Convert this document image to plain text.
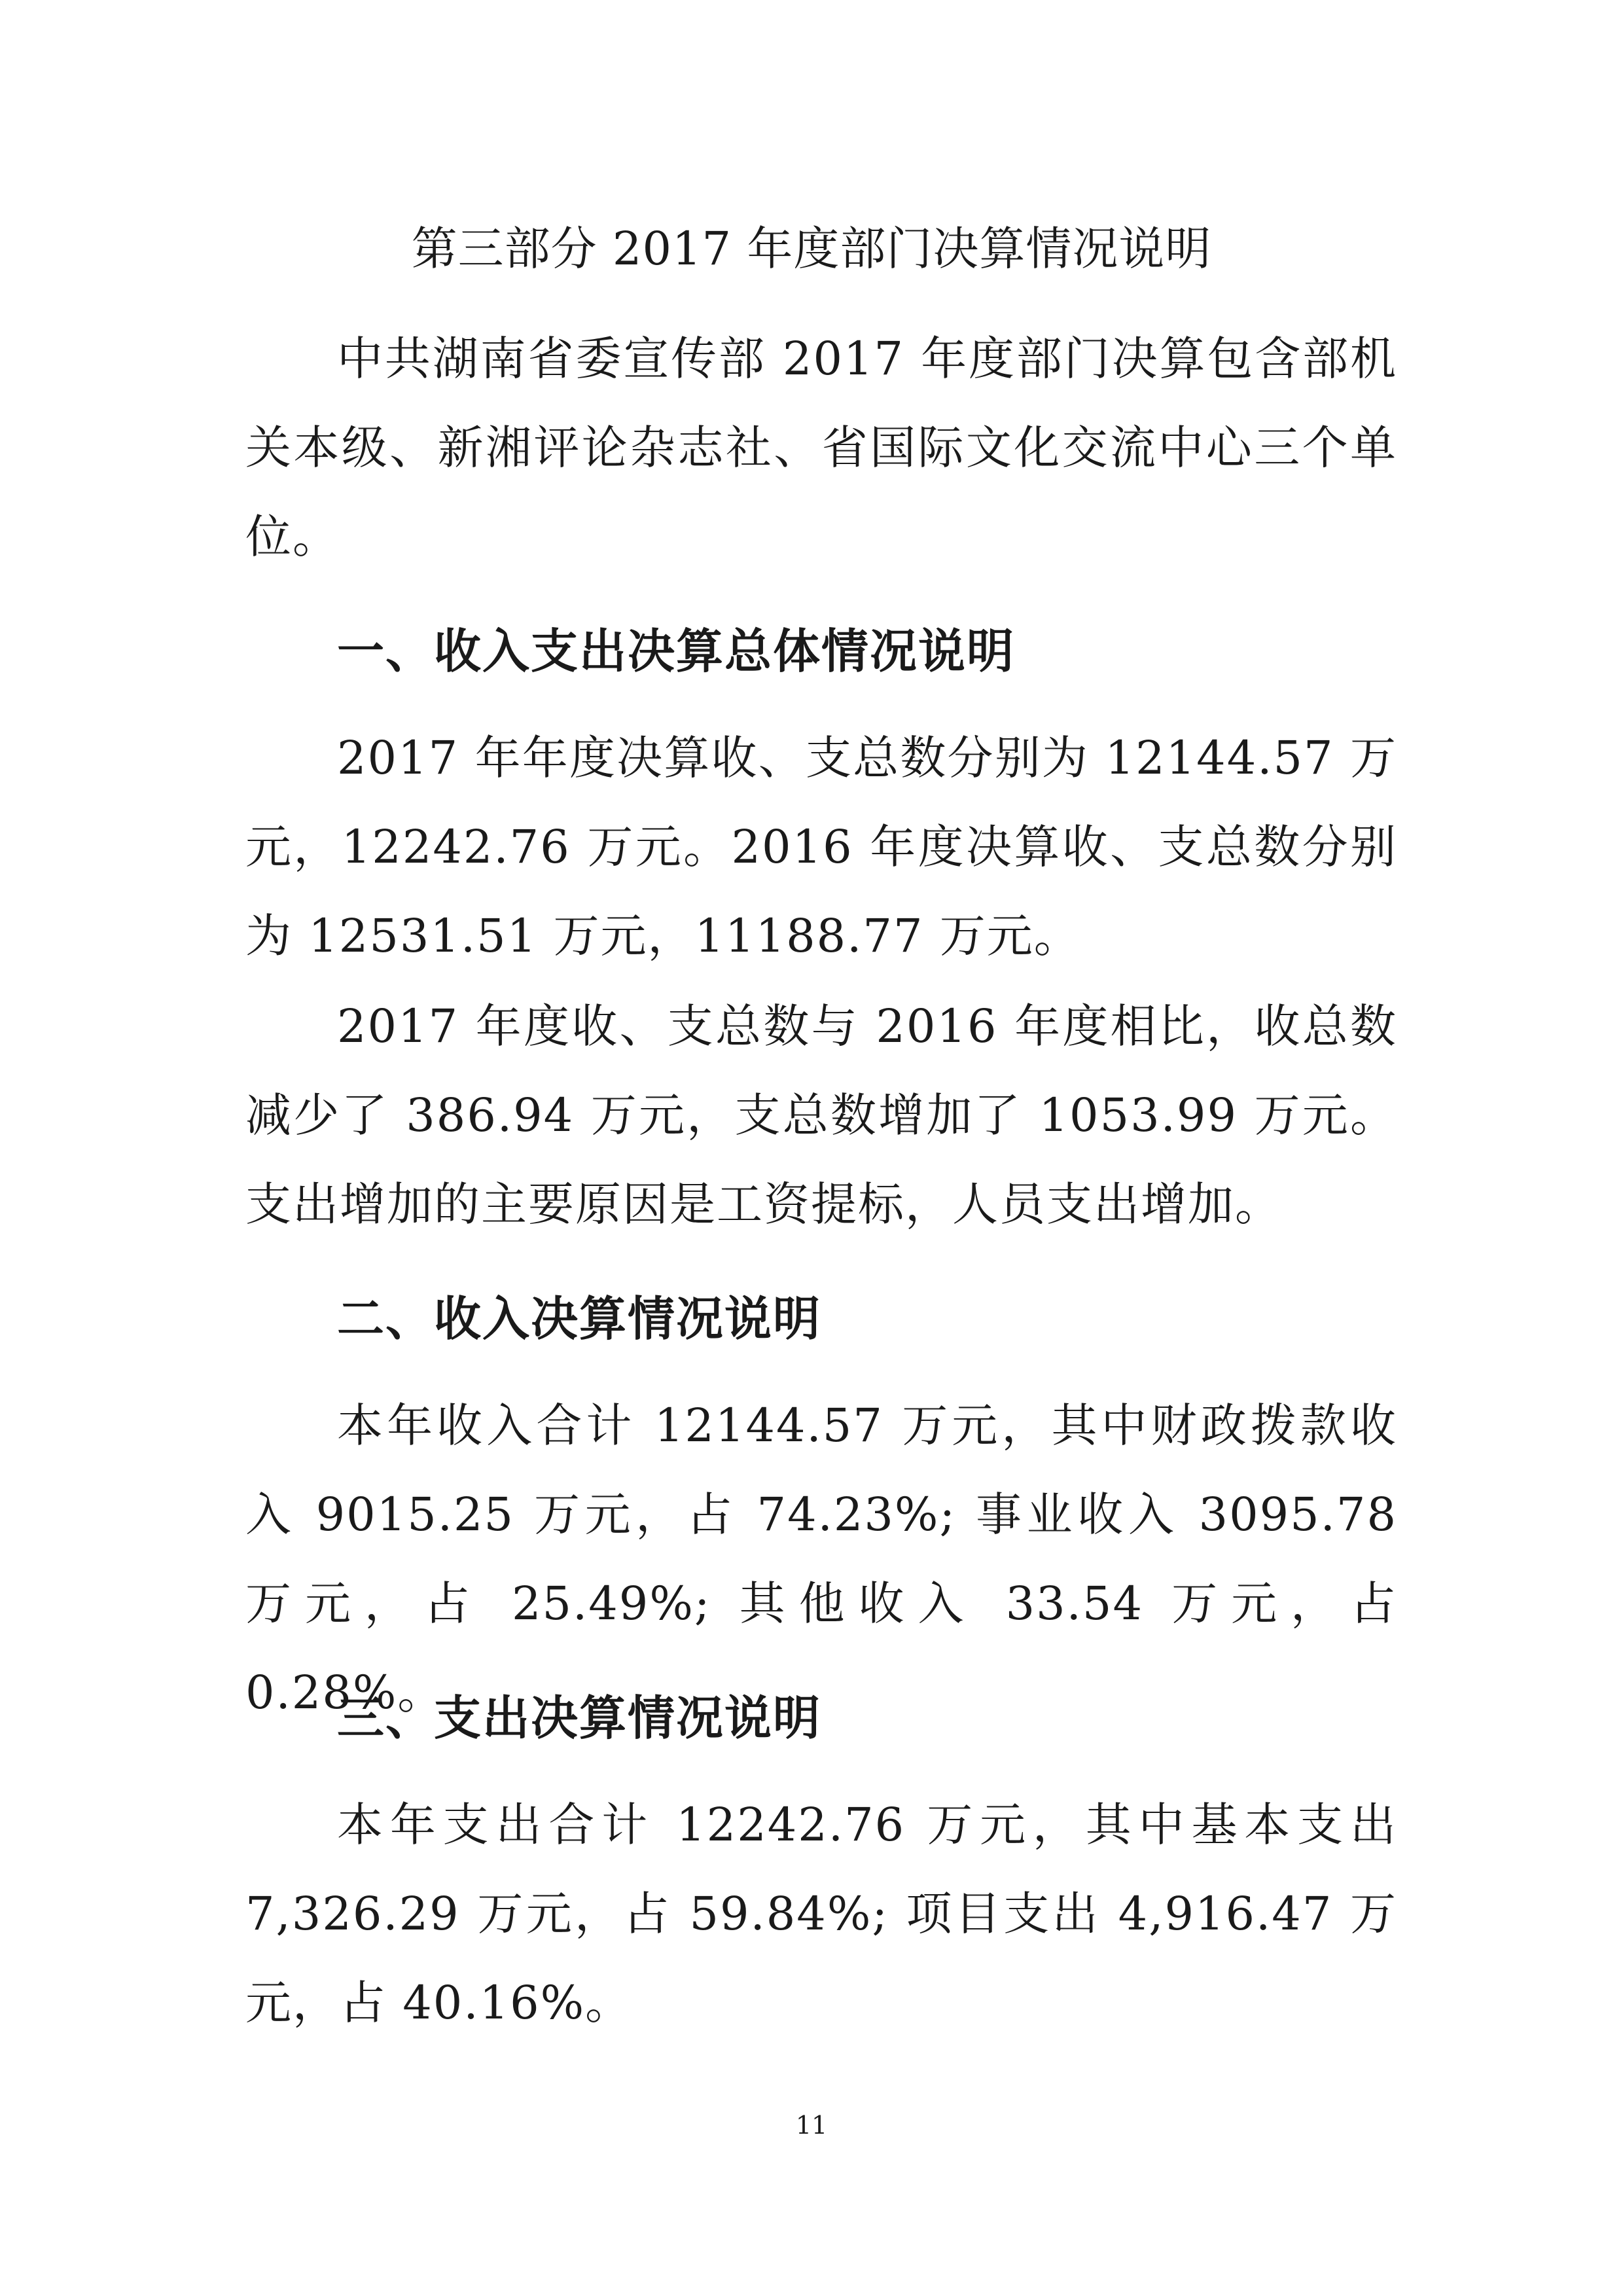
第三部分 2017 年度部门决算情况说明

中共湖南省委宣传部 2017 年度部门决算包含部机关本级、新湘评论杂志社、省国际文化交流中心三个单位。

一、收入支出决算总体情况说明

2017 年年度决算收、支总数分别为 12144.57 万元，12242.76 万元。2016 年度决算收、支总数分别为 12531.51 万元，11188.77 万元。

2017 年度收、支总数与 2016 年度相比，收总数减少了 386.94 万元，支总数增加了 1053.99 万元。支出增加的主要原因是工资提标，人员支出增加。

二、收入决算情况说明

本年收入合计 12144.57 万元，其中财政拨款收入 9015.25 万元，占 74.23%; 事业收入 3095.78 万元，占 25.49%; 其他收入 33.54 万元，占 0.28%。

三、支出决算情况说明

本年支出合计 12242.76 万元，其中基本支出 7,326.29 万元，占 59.84%; 项目支出 4,916.47 万元，占 40.16%。

11
